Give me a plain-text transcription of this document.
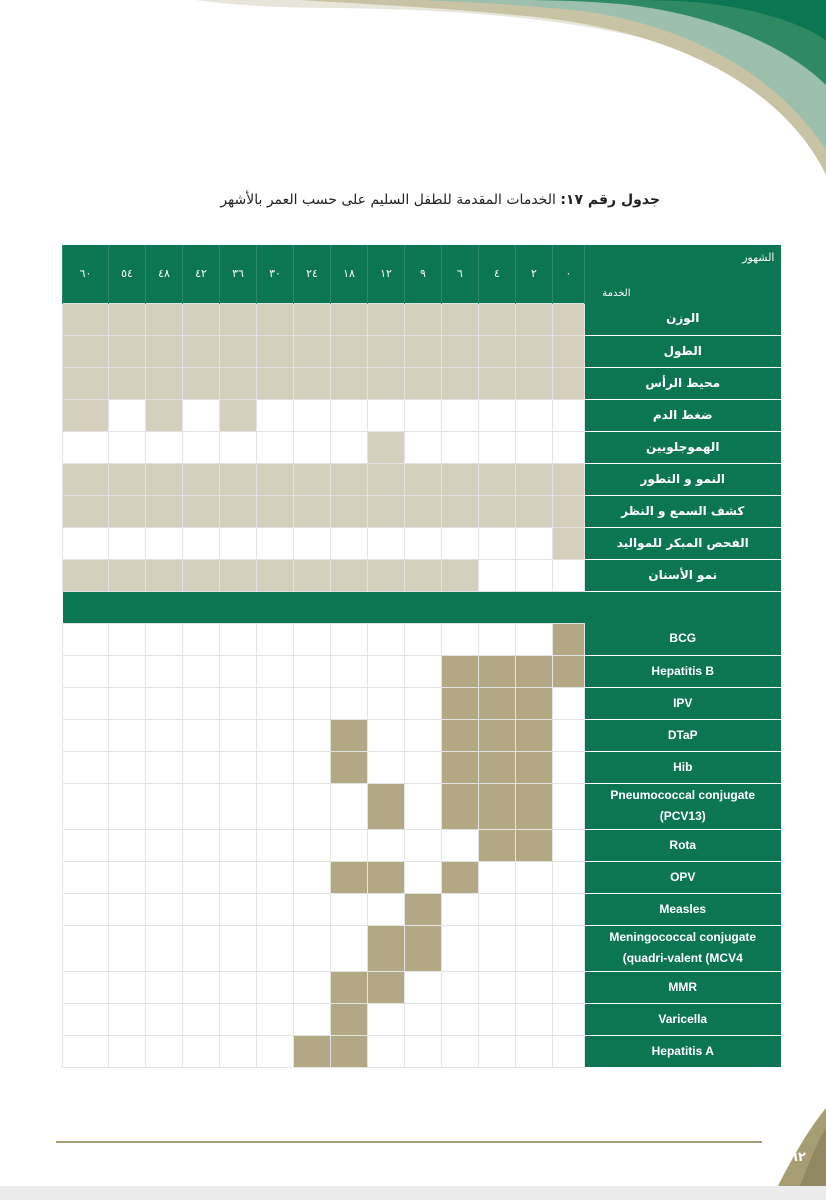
جدول رقم ١٧: الخدمات المقدمة للطفل السليم على حسب العمر بالأشهر
٦٠	٥٤	٤٨	٤٢	٣٦	٣٠	٢٤	١٨	١٢	٩	٦	٤	٢	٠	الشهور
الخدمة

														الوزن
														الطول
														محيط الرأس
														ضغط الدم
														الهموجلوبين
														النمو و التطور
														كشف السمع و النظر
														الفحص المبكر للمواليد
														نمو الأسنان

														BCG

														Hepatitis B

														IPV

														DTaP

														Hib

														Pneumococcal conjugate
(PCV13)

														Rota

														OPV

														Measles

														Meningococcal conjugate
(quadri-valent (MCV4

														MMR

														Varicella

														Hepatitis A
٦٢
